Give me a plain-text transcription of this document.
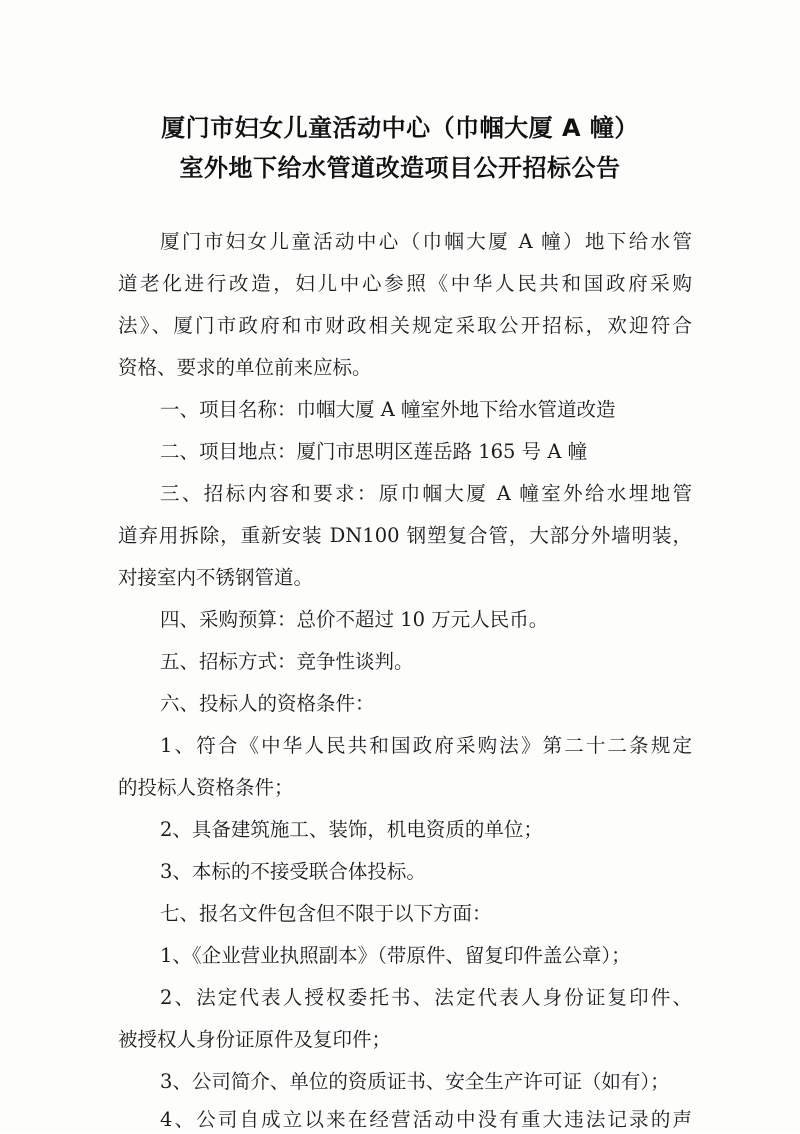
厦门市妇女儿童活动中心（巾帼大厦 A 幢）
室外地下给水管道改造项目公开招标公告
厦门市妇女儿童活动中心（巾帼大厦 A 幢）地下给水管
道老化进行改造，妇儿中心参照《中华人民共和国政府采购
法》、厦门市政府和市财政相关规定采取公开招标，欢迎符合
资格、要求的单位前来应标。
一、项目名称：巾帼大厦 A 幢室外地下给水管道改造
二、项目地点：厦门市思明区莲岳路 165 号 A 幢
三、招标内容和要求：原巾帼大厦 A 幢室外给水埋地管
道弃用拆除，重新安装 DN100 钢塑复合管，大部分外墙明装，
对接室内不锈钢管道。
四、采购预算：总价不超过 10 万元人民币。
五、招标方式：竞争性谈判。
六、投标人的资格条件：
1、符合《中华人民共和国政府采购法》第二十二条规定
的投标人资格条件；
2、具备建筑施工、装饰，机电资质的单位；
3、本标的不接受联合体投标。
七、报名文件包含但不限于以下方面：
1、《企业营业执照副本》（带原件、留复印件盖公章）；
2、法定代表人授权委托书、法定代表人身份证复印件、
被授权人身份证原件及复印件；
3、公司简介、单位的资质证书、安全生产许可证（如有）；
4、公司自成立以来在经营活动中没有重大违法记录的声
